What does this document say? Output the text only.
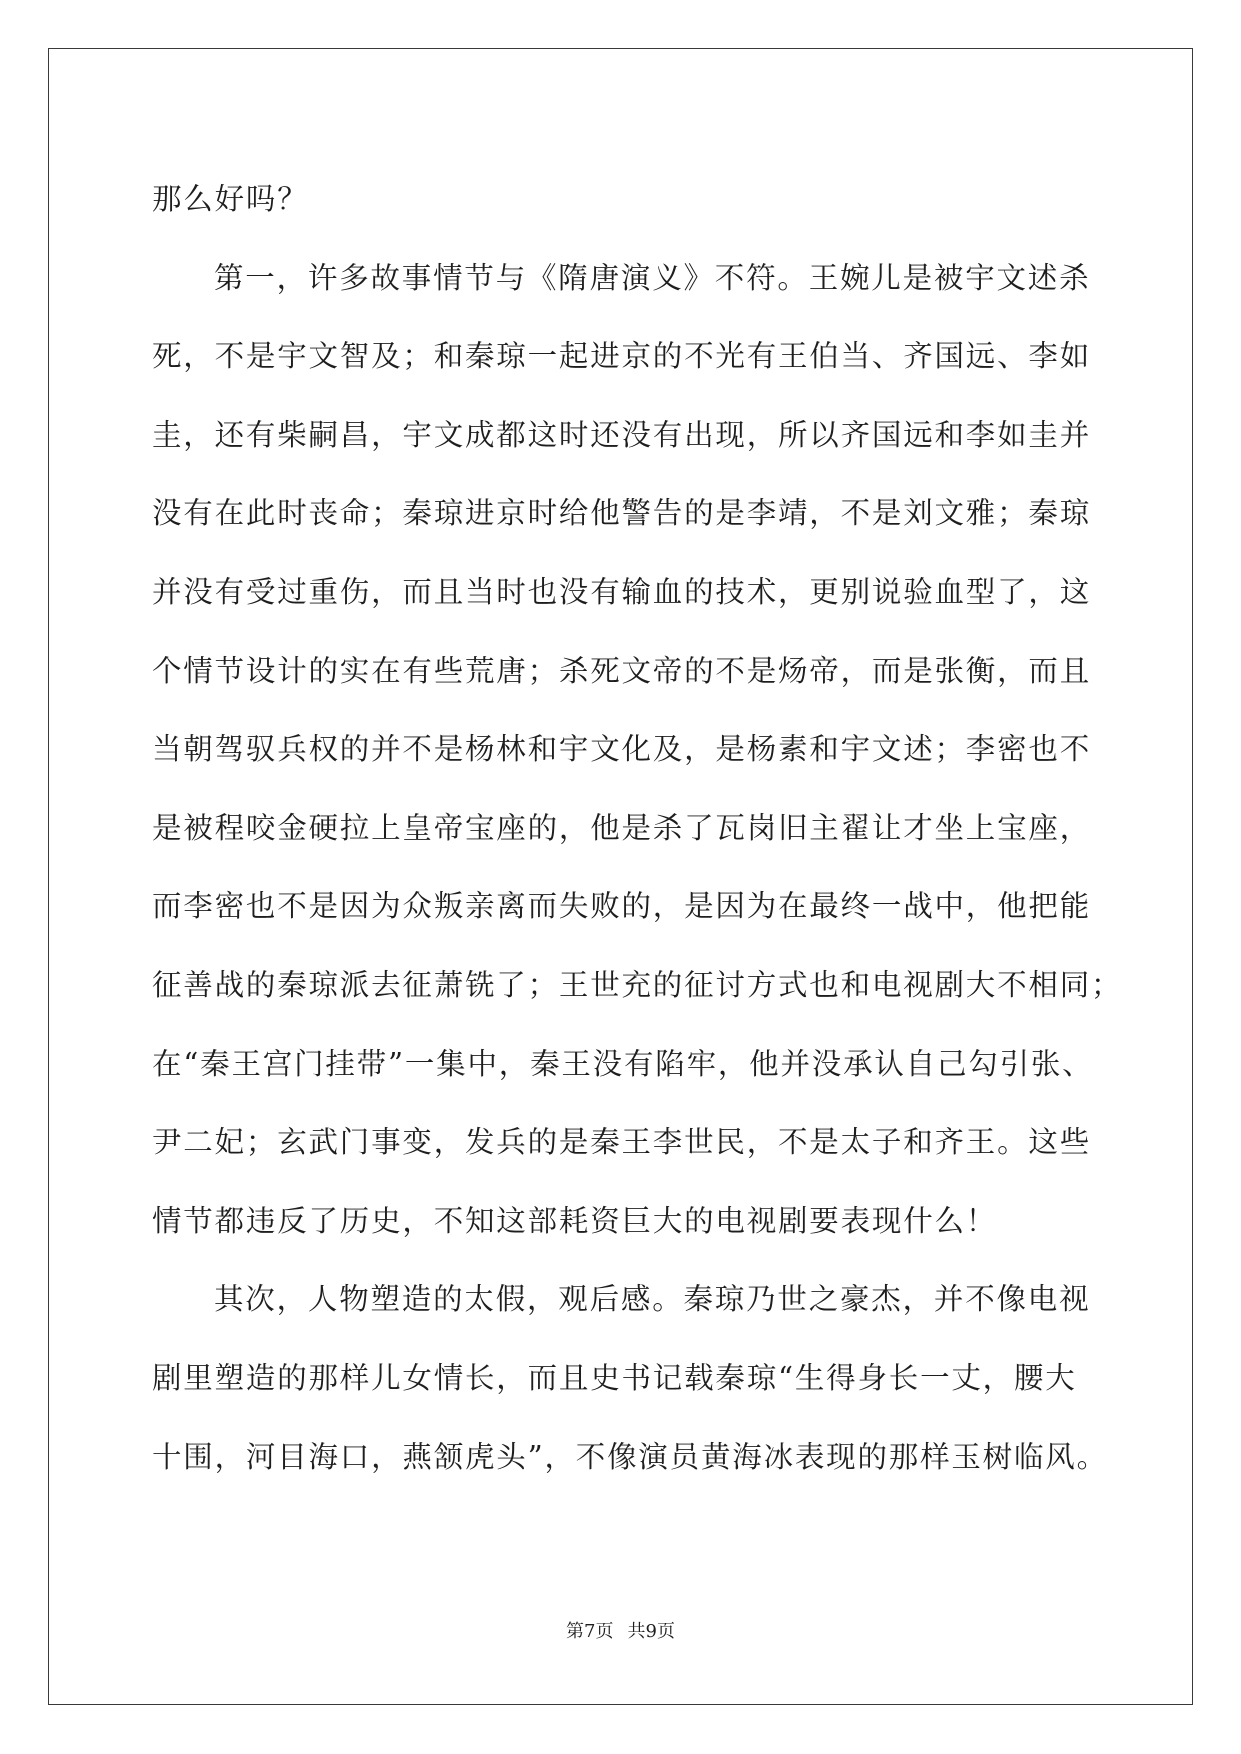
那么好吗？
第一，许多故事情节与《隋唐演义》不符。王婉儿是被宇文述杀
死，不是宇文智及；和秦琼一起进京的不光有王伯当、齐国远、李如
圭，还有柴嗣昌，宇文成都这时还没有出现，所以齐国远和李如圭并
没有在此时丧命；秦琼进京时给他警告的是李靖，不是刘文雅；秦琼
并没有受过重伤，而且当时也没有输血的技术，更别说验血型了，这
个情节设计的实在有些荒唐；杀死文帝的不是炀帝，而是张衡，而且
当朝驾驭兵权的并不是杨林和宇文化及，是杨素和宇文述；李密也不
是被程咬金硬拉上皇帝宝座的，他是杀了瓦岗旧主翟让才坐上宝座，
而李密也不是因为众叛亲离而失败的，是因为在最终一战中，他把能
征善战的秦琼派去征萧铣了；王世充的征讨方式也和电视剧大不相同；
在“秦王宫门挂带”一集中，秦王没有陷牢，他并没承认自己勾引张、
尹二妃；玄武门事变，发兵的是秦王李世民，不是太子和齐王。这些
情节都违反了历史，不知这部耗资巨大的电视剧要表现什么！
其次，人物塑造的太假，观后感。秦琼乃世之豪杰，并不像电视
剧里塑造的那样儿女情长，而且史书记载秦琼“生得身长一丈，腰大
十围，河目海口，燕颔虎头”，不像演员黄海冰表现的那样玉树临风。
第7页 共9页
